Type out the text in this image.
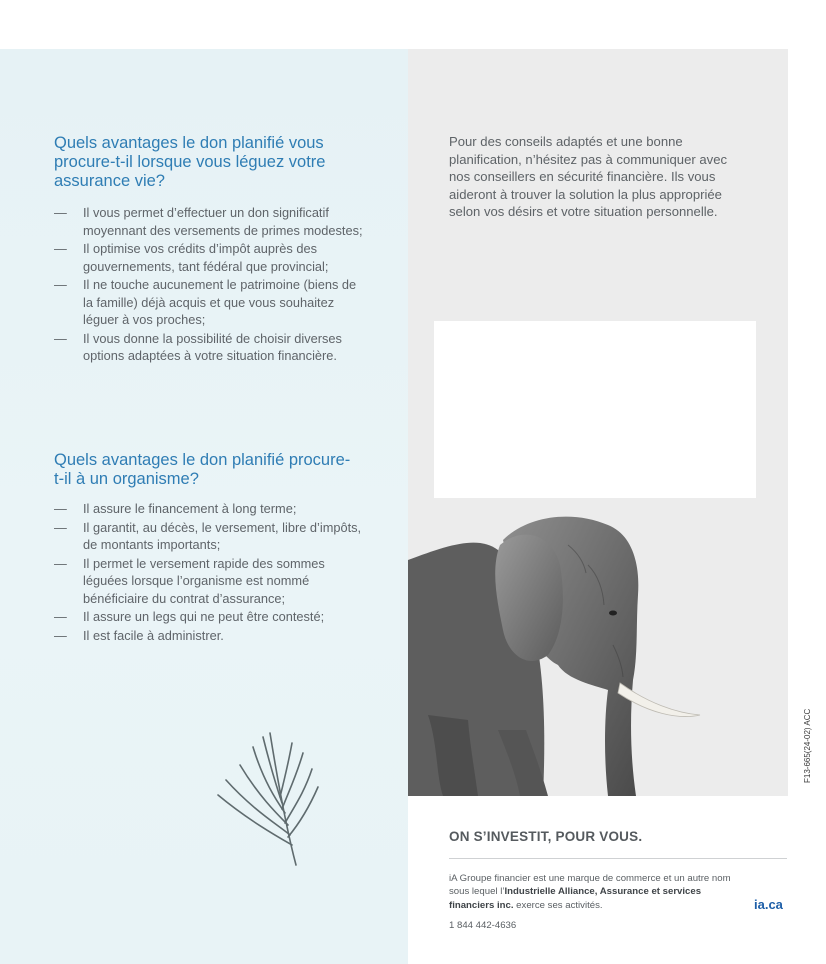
Quels avantages le don planifié vous procure-t-il lorsque vous léguez votre assurance vie?
— Il vous permet d’effectuer un don significatif moyennant des versements de primes modestes;
— Il optimise vos crédits d’impôt auprès des gouvernements, tant fédéral que provincial;
— Il ne touche aucunement le patrimoine (biens de la famille) déjà acquis et que vous souhaitez léguer à vos proches;
— Il vous donne la possibilité de choisir diverses options adaptées à votre situation financière.
Quels avantages le don planifié procure-t-il à un organisme?
— Il assure le financement à long terme;
— Il garantit, au décès, le versement, libre d’impôts, de montants importants;
— Il permet le versement rapide des sommes léguées lorsque l’organisme est nommé bénéficiaire du contrat d’assurance;
— Il assure un legs qui ne peut être contesté;
— Il est facile à administrer.

Pour des conseils adaptés et une bonne planification, n’hésitez pas à communiquer avec nos conseillers en sécurité financière. Ils vous aideront à trouver la solution la plus appropriée selon vos désirs et votre situation personnelle.

F13-665(24-02) ACC

ON S’INVESTIT, POUR VOUS.

iA Groupe financier est une marque de commerce et un autre nom sous lequel l’Industrielle Alliance, Assurance et services financiers inc. exerce ses activités.	ia.ca
1 844 442-4636
